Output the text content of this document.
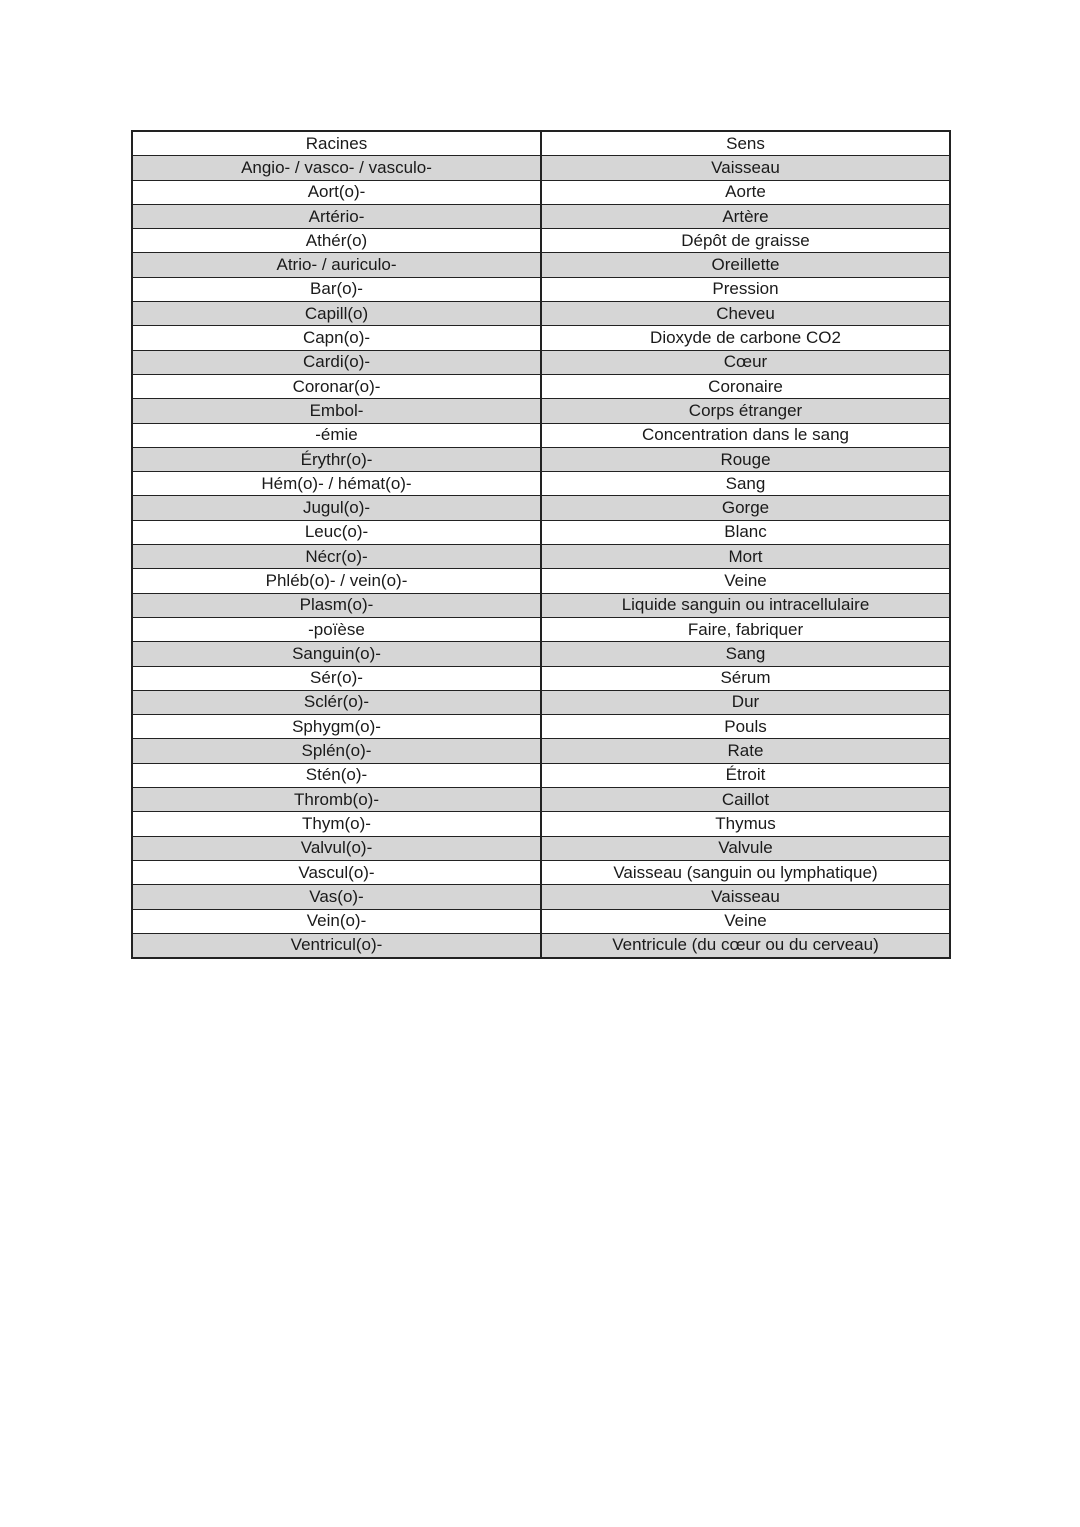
Racines	Sens
Angio- / vasco- / vasculo-	Vaisseau
Aort(o)-	Aorte
Artério-	Artère
Athér(o)	Dépôt de graisse
Atrio- / auriculo-	Oreillette
Bar(o)-	Pression
Capill(o)	Cheveu
Capn(o)-	Dioxyde de carbone CO2
Cardi(o)-	Cœur
Coronar(o)-	Coronaire
Embol-	Corps étranger
-émie	Concentration dans le sang
Érythr(o)-	Rouge
Hém(o)- / hémat(o)-	Sang
Jugul(o)-	Gorge
Leuc(o)-	Blanc
Nécr(o)-	Mort
Phléb(o)- / vein(o)-	Veine
Plasm(o)-	Liquide sanguin ou intracellulaire
-poïèse	Faire, fabriquer
Sanguin(o)-	Sang
Sér(o)-	Sérum
Sclér(o)-	Dur
Sphygm(o)-	Pouls
Splén(o)-	Rate
Stén(o)-	Étroit
Thromb(o)-	Caillot
Thym(o)-	Thymus
Valvul(o)-	Valvule
Vascul(o)-	Vaisseau (sanguin ou lymphatique)
Vas(o)-	Vaisseau
Vein(o)-	Veine
Ventricul(o)-	Ventricule (du cœur ou du cerveau)
